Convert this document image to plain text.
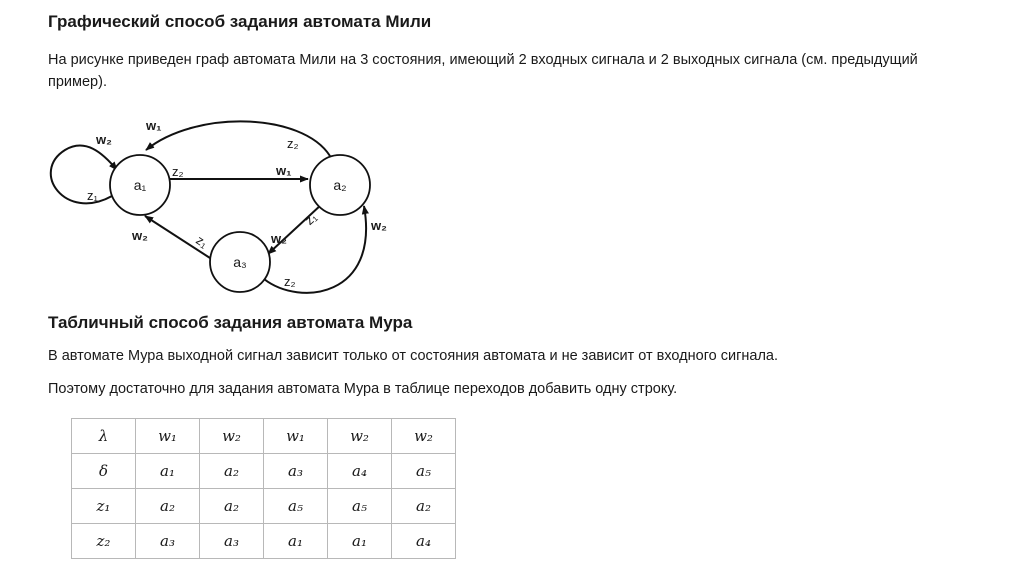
Графический способ задания автомата Мили

На рисунке приведен граф автомата Мили на 3 состояния, имеющий 2 входных сигнала и 2 выходных сигнала (см. предыдущий пример).

a₁	a₂
a₃
w₂
z₁
z₂	w₁
w₁
z₂
z₁
w₂
z₁
w₂
z₂
w₂
Табличный способ задания автомата Мура

В автомате Мура выходной сигнал зависит только от состояния автомата и не зависит от входного сигнала.

Поэтому достаточно для задания автомата Мура в таблице переходов добавить одну строку.

λ	w₁	w₂	w₁	w₂	w₂
δ	a₁	a₂	a₃	a₄	a₅
z₁	a₂	a₂	a₅	a₅	a₂
z₂	a₃	a₃	a₁	a₁	a₄
